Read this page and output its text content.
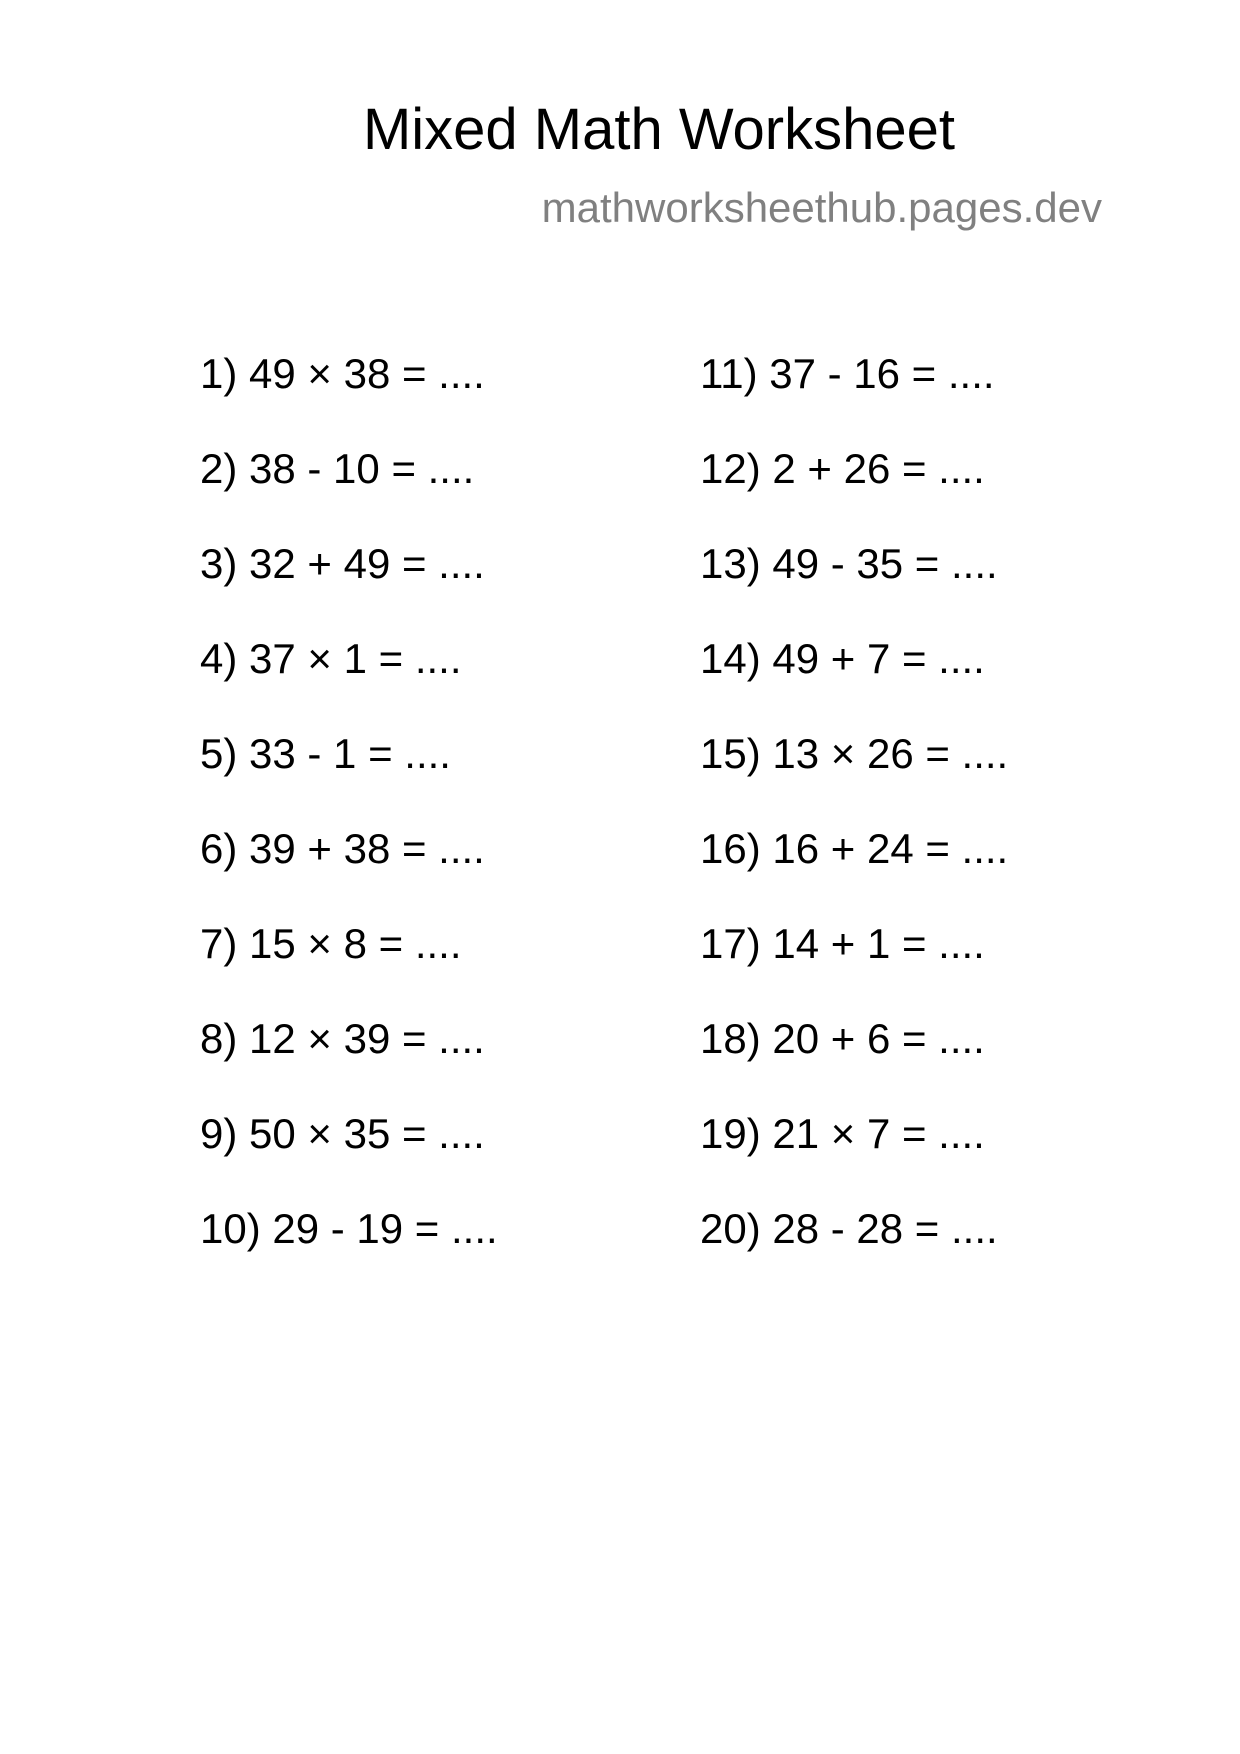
Mixed Math Worksheet
mathworksheethub.pages.dev
1) 49 × 38 = ....
2) 38 - 10 = ....
3) 32 + 49 = ....
4) 37 × 1 = ....
5) 33 - 1 = ....
6) 39 + 38 = ....
7) 15 × 8 = ....
8) 12 × 39 = ....
9) 50 × 35 = ....
10) 29 - 19 = ....
11) 37 - 16 = ....
12) 2 + 26 = ....
13) 49 - 35 = ....
14) 49 + 7 = ....
15) 13 × 26 = ....
16) 16 + 24 = ....
17) 14 + 1 = ....
18) 20 + 6 = ....
19) 21 × 7 = ....
20) 28 - 28 = ....
